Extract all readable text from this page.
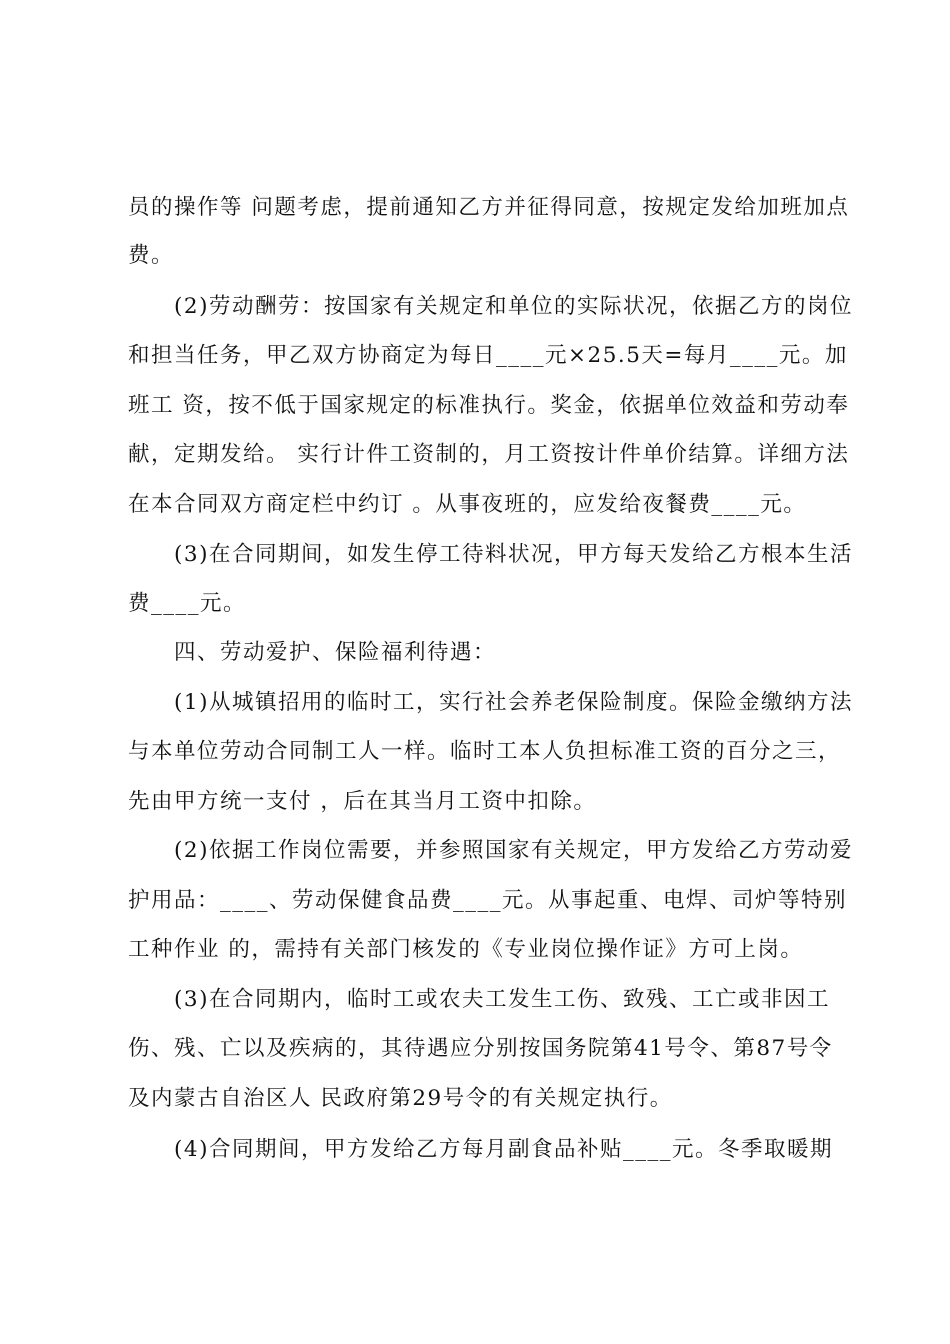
员的操作等 问题考虑，提前通知乙方并征得同意，按规定发给加班加点
费。
(2)劳动酬劳：按国家有关规定和单位的实际状况，依据乙方的岗位
和担当任务，甲乙双方协商定为每日____元×25.5天=每月____元。加
班工 资，按不低于国家规定的标准执行。奖金，依据单位效益和劳动奉
献，定期发给。 实行计件工资制的，月工资按计件单价结算。详细方法
在本合同双方商定栏中约订 。从事夜班的，应发给夜餐费____元。
(3)在合同期间，如发生停工待料状况，甲方每天发给乙方根本生活
费____元。
四、劳动爱护、保险福利待遇：
(1)从城镇招用的临时工，实行社会养老保险制度。保险金缴纳方法
与本单位劳动合同制工人一样。临时工本人负担标准工资的百分之三，
先由甲方统一支付 ，后在其当月工资中扣除。
(2)依据工作岗位需要，并参照国家有关规定，甲方发给乙方劳动爱
护用品：____、劳动保健食品费____元。从事起重、电焊、司炉等特别
工种作业 的，需持有关部门核发的《专业岗位操作证》方可上岗。
(3)在合同期内，临时工或农夫工发生工伤、致残、工亡或非因工
伤、残、亡以及疾病的，其待遇应分别按国务院第41号令、第87号令
及内蒙古自治区人 民政府第29号令的有关规定执行。
(4)合同期间，甲方发给乙方每月副食品补贴____元。冬季取暖期
